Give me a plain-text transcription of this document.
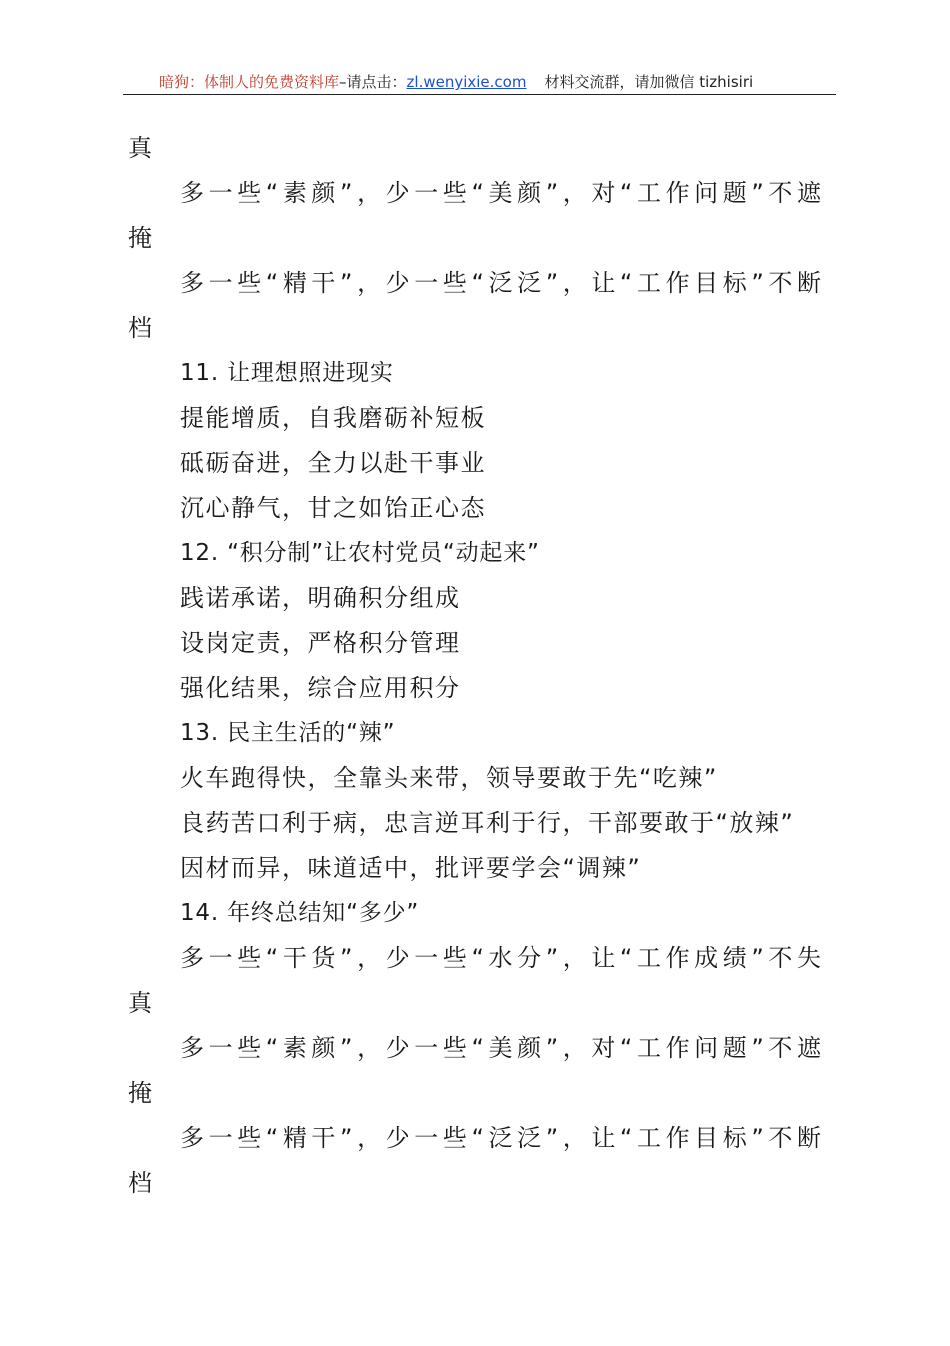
暗狗：体制人的免费资料库–请点击：zl.wenyixie.com 材料交流群，请加微信 tizhisiri
真
多一些“素颜”，少一些“美颜”，对“工作问题”不遮
掩
多一些“精干”，少一些“泛泛”，让“工作目标”不断
档
11. 让理想照进现实
提能增质，自我磨砺补短板
砥砺奋进，全力以赴干事业
沉心静气，甘之如饴正心态
12. “积分制”让农村党员“动起来”
践诺承诺，明确积分组成
设岗定责，严格积分管理
强化结果，综合应用积分
13. 民主生活的“辣”
火车跑得快，全靠头来带，领导要敢于先“吃辣”
良药苦口利于病，忠言逆耳利于行，干部要敢于“放辣”
因材而异，味道适中，批评要学会“调辣”
14. 年终总结知“多少”
多一些“干货”，少一些“水分”，让“工作成绩”不失
真
多一些“素颜”，少一些“美颜”，对“工作问题”不遮
掩
多一些“精干”，少一些“泛泛”，让“工作目标”不断
档
